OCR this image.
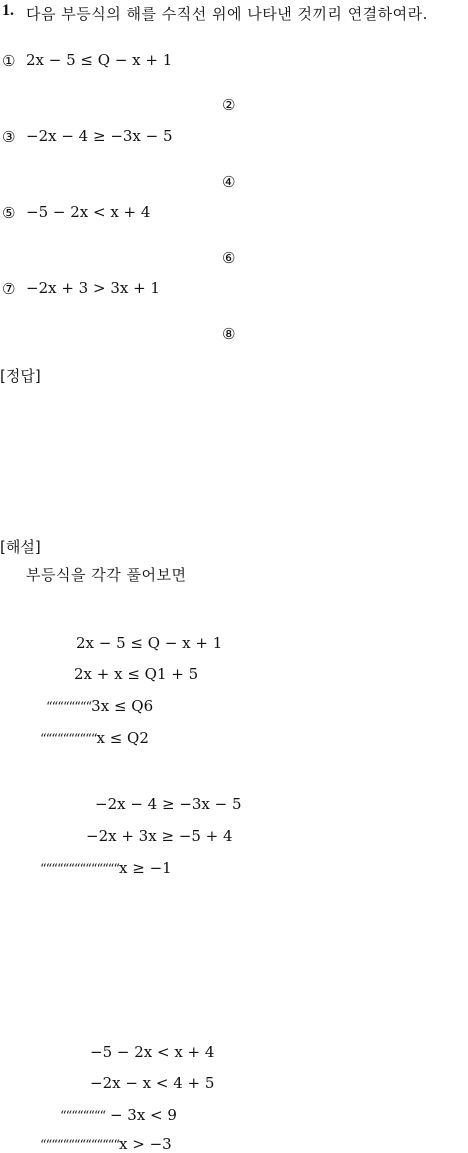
1. 다음 부등식의 해를 수직선 위에 나타낸 것끼리 연결하여라.
① 2x − 5 ≤ Q − x + 1
②
③ −2x − 4 ≥ −3x − 5
④
⑤ −5 − 2x < x + 4
⑥
⑦ −2x + 3 > 3x + 1
⑧
[정답]
[해설]
부등식을 각각 풀어보면
2x − 5 ≤ Q − x + 1
2x + x ≤ Q1 + 5
““““““““3x ≤ Q6
““““““““““x ≤ Q2
−2x − 4 ≥ −3x − 5
−2x + 3x ≥ −5 + 4
““““““““““““““x ≥ −1
−5 − 2x < x + 4
−2x − x < 4 + 5
““““““““ − 3x < 9
““““““““““““““x > −3
